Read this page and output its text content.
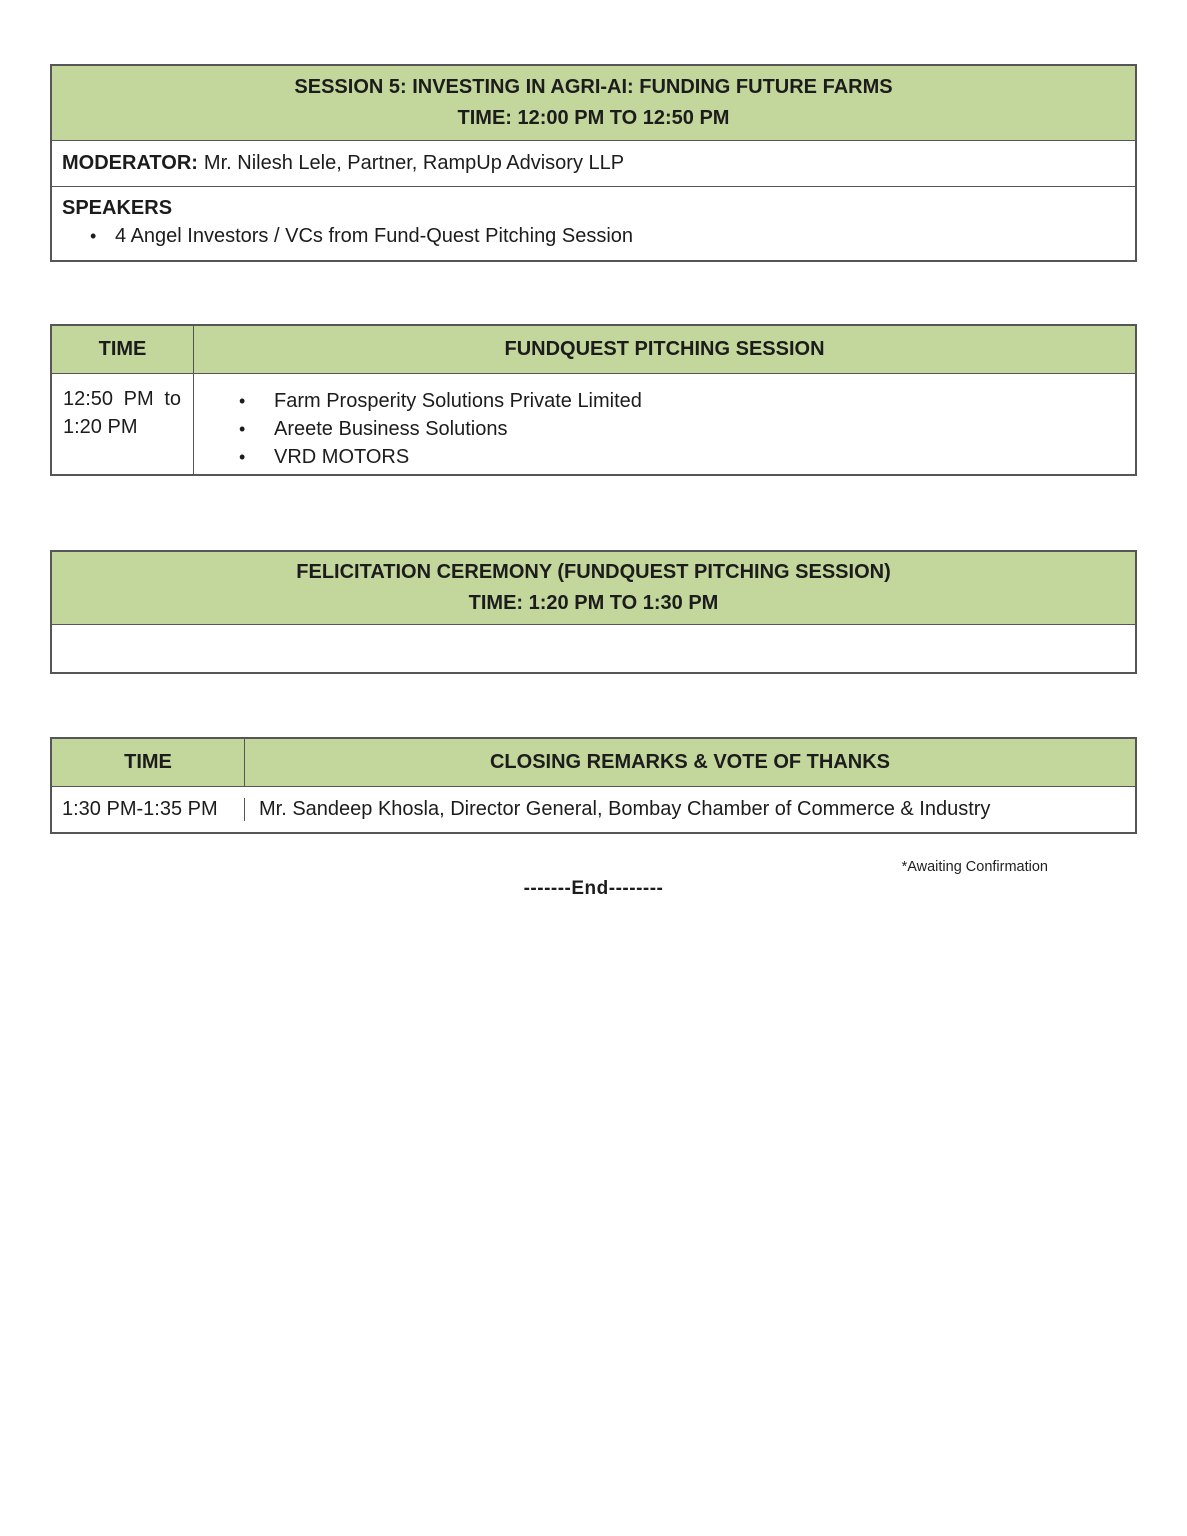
SESSION 5: INVESTING IN AGRI-AI: FUNDING FUTURE FARMS
TIME: 12:00 PM TO 12:50 PM
MODERATOR: Mr. Nilesh Lele, Partner, RampUp Advisory LLP
SPEAKERS
• 4 Angel Investors / VCs from Fund-Quest Pitching Session
TIME	FUNDQUEST PITCHING SESSION
12:50 PM to 1:20 PM
•	Farm Prosperity Solutions Private Limited
•	Areete Business Solutions
•	VRD MOTORS
FELICITATION CEREMONY (FUNDQUEST PITCHING SESSION)
TIME: 1:20 PM TO 1:30 PM
TIME	CLOSING REMARKS & VOTE OF THANKS
1:30 PM-1:35 PM	Mr. Sandeep Khosla, Director General, Bombay Chamber of Commerce & Industry
*Awaiting Confirmation
-------End--------
